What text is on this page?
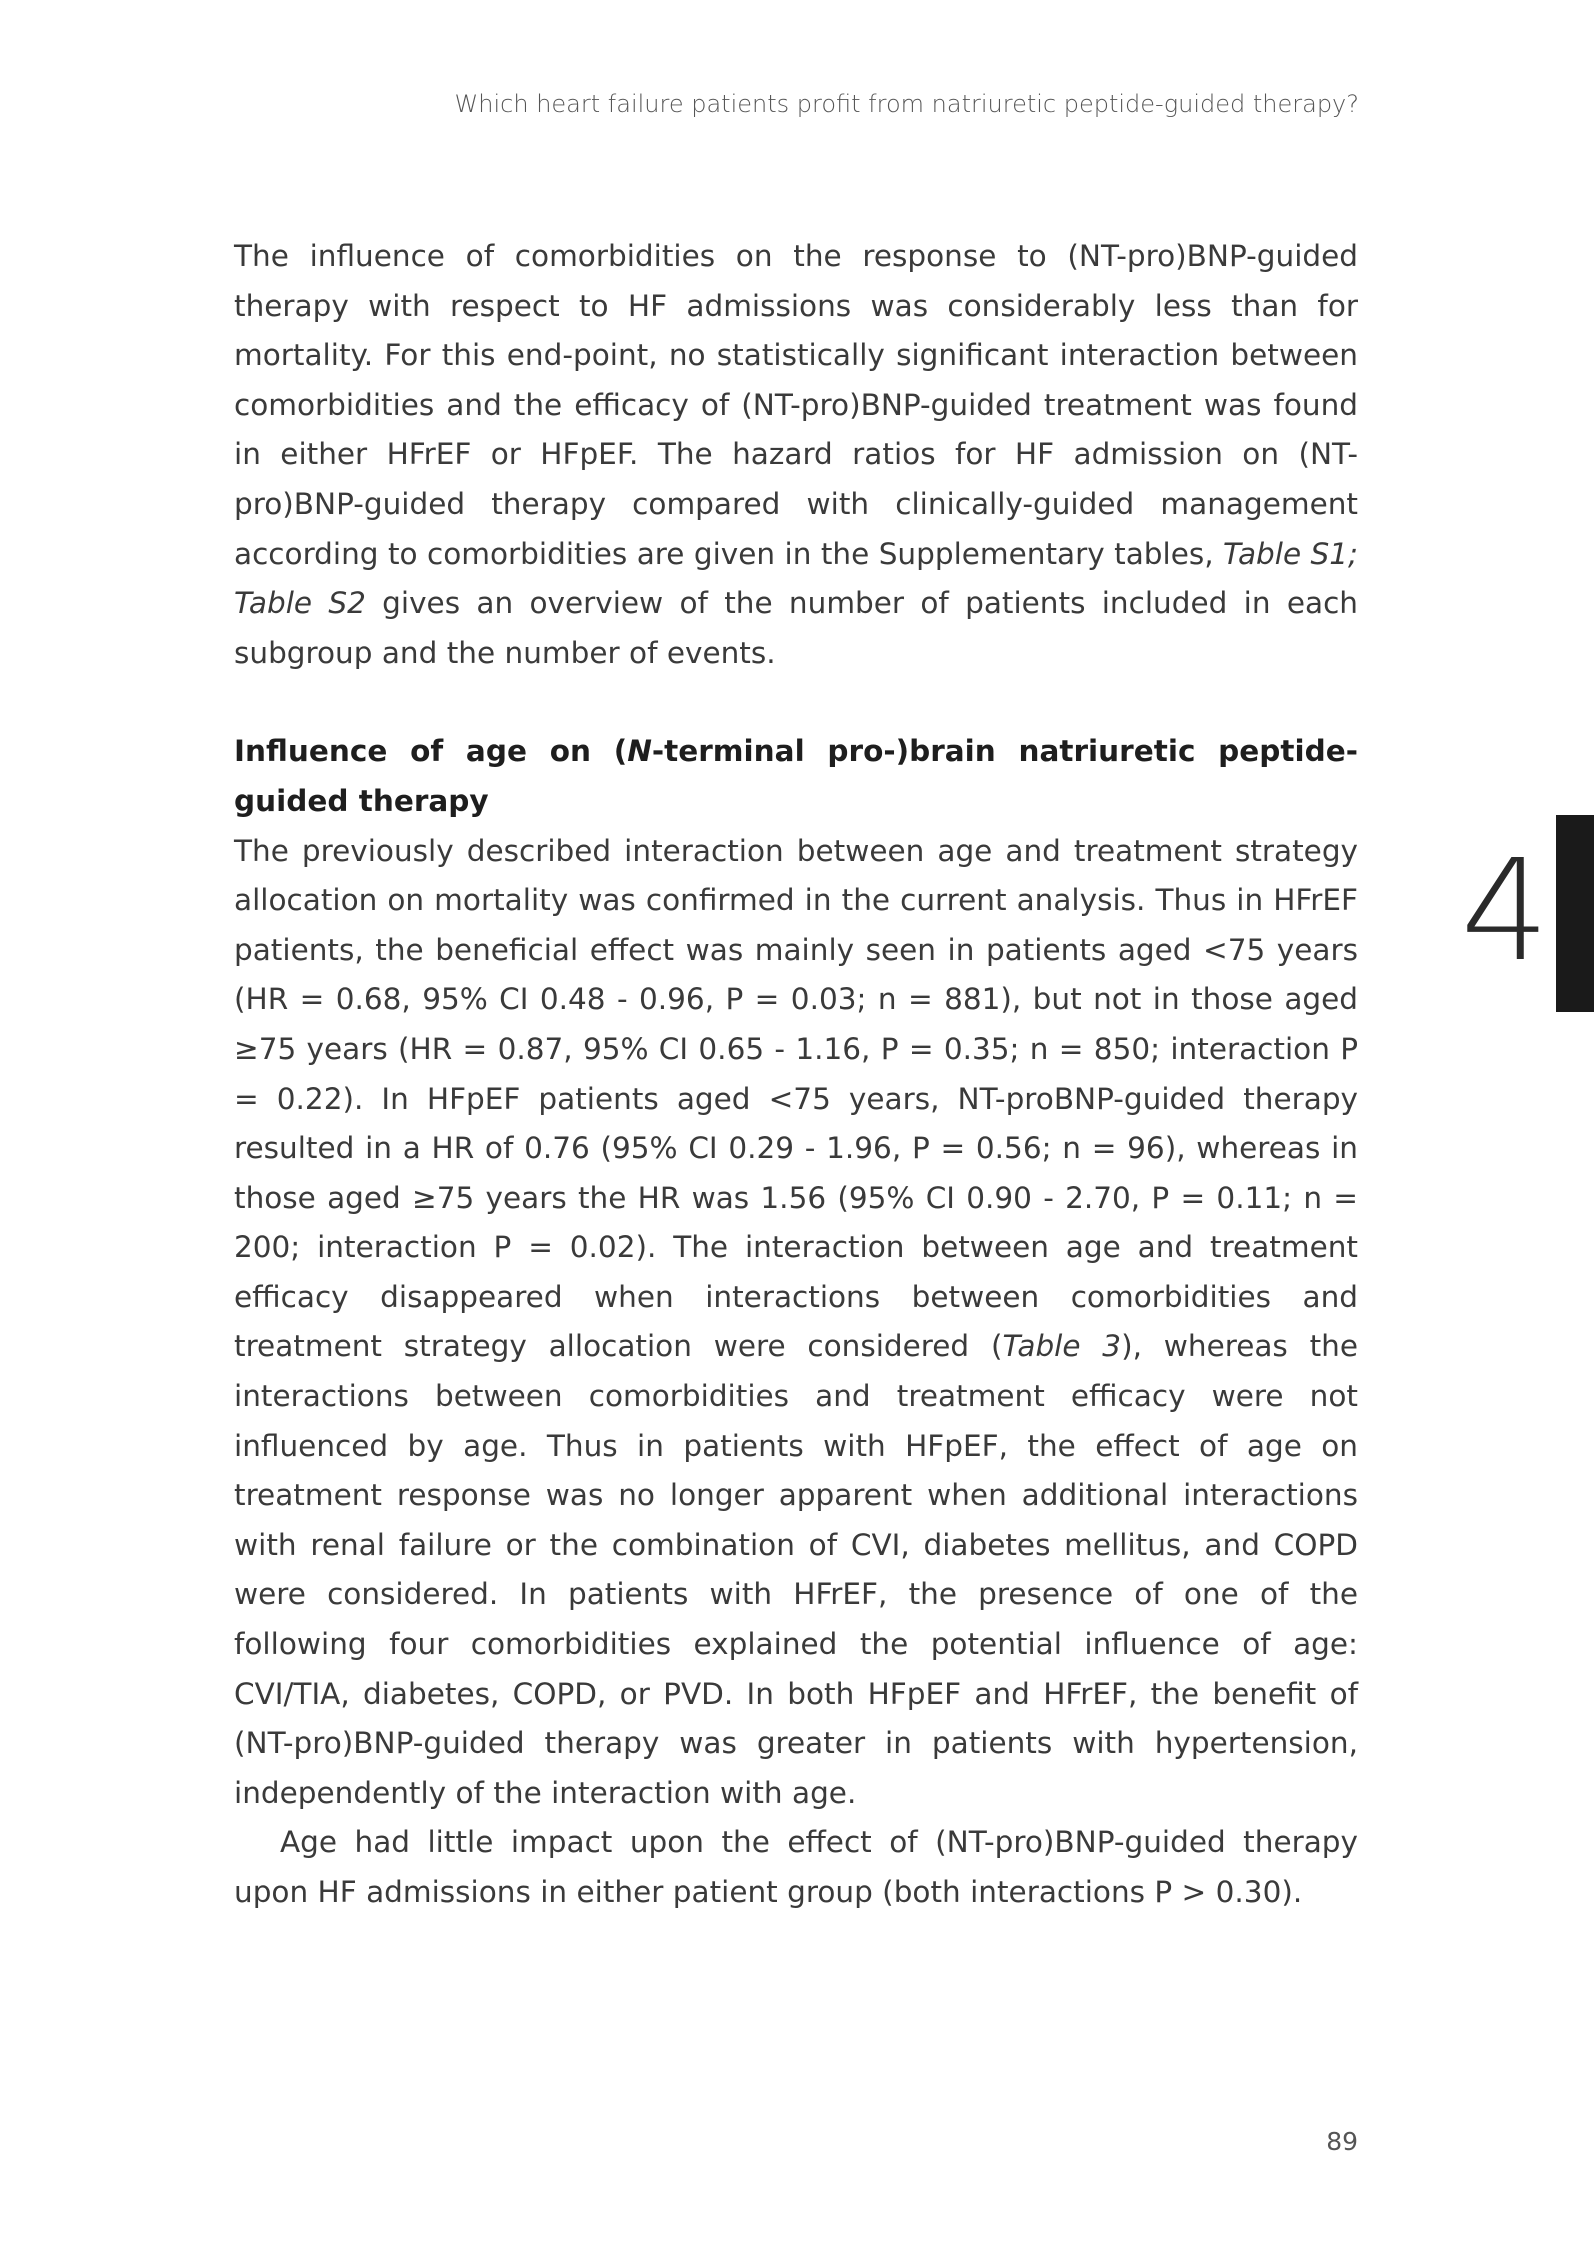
Which heart failure patients profit from natriuretic peptide-guided therapy?

The influence of comorbidities on the response to (NT-pro)BNP-guided therapy with respect to HF admissions was considerably less than for mortality. For this end-point, no statistically significant interaction between comorbidities and the efficacy of (NT-pro)BNP-guided treatment was found in either HFrEF or HFpEF. The hazard ratios for HF admission on (NT-pro)BNP-guided therapy compared with clinically-guided management according to comorbidities are given in the Supplementary tables, Table S1; Table S2 gives an overview of the number of patients included in each subgroup and the number of events.

Influence of age on (N-terminal pro-)brain natriuretic peptide-guided therapy

The previously described interaction between age and treatment strategy allocation on mortality was confirmed in the current analysis. Thus in HFrEF patients, the beneficial effect was mainly seen in patients aged <75 years (HR = 0.68, 95% CI 0.48 - 0.96, P = 0.03; n = 881), but not in those aged ≥75 years (HR = 0.87, 95% CI 0.65 - 1.16, P = 0.35; n = 850; interaction P = 0.22). In HFpEF patients aged <75 years, NT-proBNP-guided therapy resulted in a HR of 0.76 (95% CI 0.29 - 1.96, P = 0.56; n = 96), whereas in those aged ≥75 years the HR was 1.56 (95% CI 0.90 - 2.70, P = 0.11; n = 200; interaction P = 0.02). The interaction between age and treatment efficacy disappeared when interactions between comorbidities and treatment strategy allocation were considered (Table 3), whereas the interactions between comorbidities and treatment efficacy were not influenced by age. Thus in patients with HFpEF, the effect of age on treatment response was no longer apparent when additional interactions with renal failure or the combination of CVI, diabetes mellitus, and COPD were considered. In patients with HFrEF, the presence of one of the following four comorbidities explained the potential influence of age: CVI/TIA, diabetes, COPD, or PVD. In both HFpEF and HFrEF, the benefit of (NT-pro)BNP-guided therapy was greater in patients with hypertension, independently of the interaction with age.

Age had little impact upon the effect of (NT-pro)BNP-guided therapy upon HF admissions in either patient group (both interactions P > 0.30).

4
89
